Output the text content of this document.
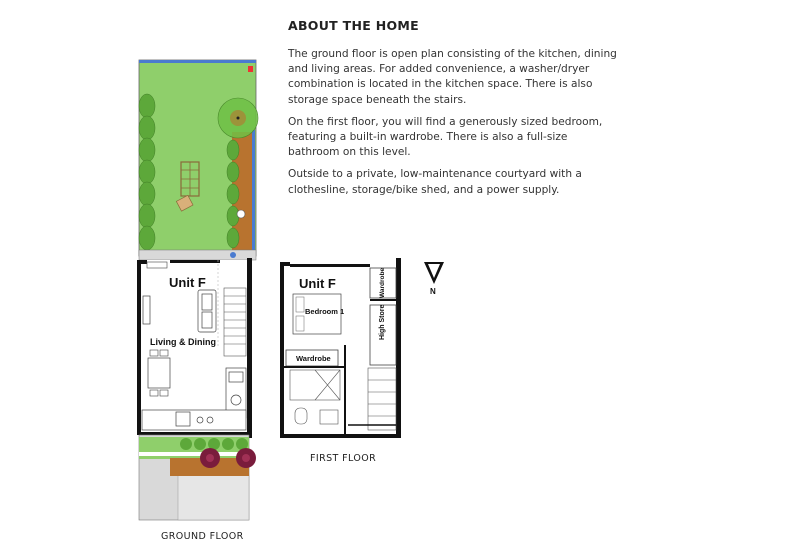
ABOUT THE HOME

The ground floor is open plan consisting of the kitchen, dining and living areas. For added convenience, a washer/dryer combination is located in the kitchen space. There is also storage space beneath the stairs.

On the first floor, you will find a generously sized bedroom, featuring a built-in wardrobe. There is also a full-size bathroom on this level.

Outside to a private, low-maintenance courtyard with a clothesline, storage/bike shed, and a power supply.

Unit F
Living & Dining
GROUND FLOOR
Unit F
Bedroom 1
Wardrobe
Wardrobe
High Store
FIRST FLOOR
N
